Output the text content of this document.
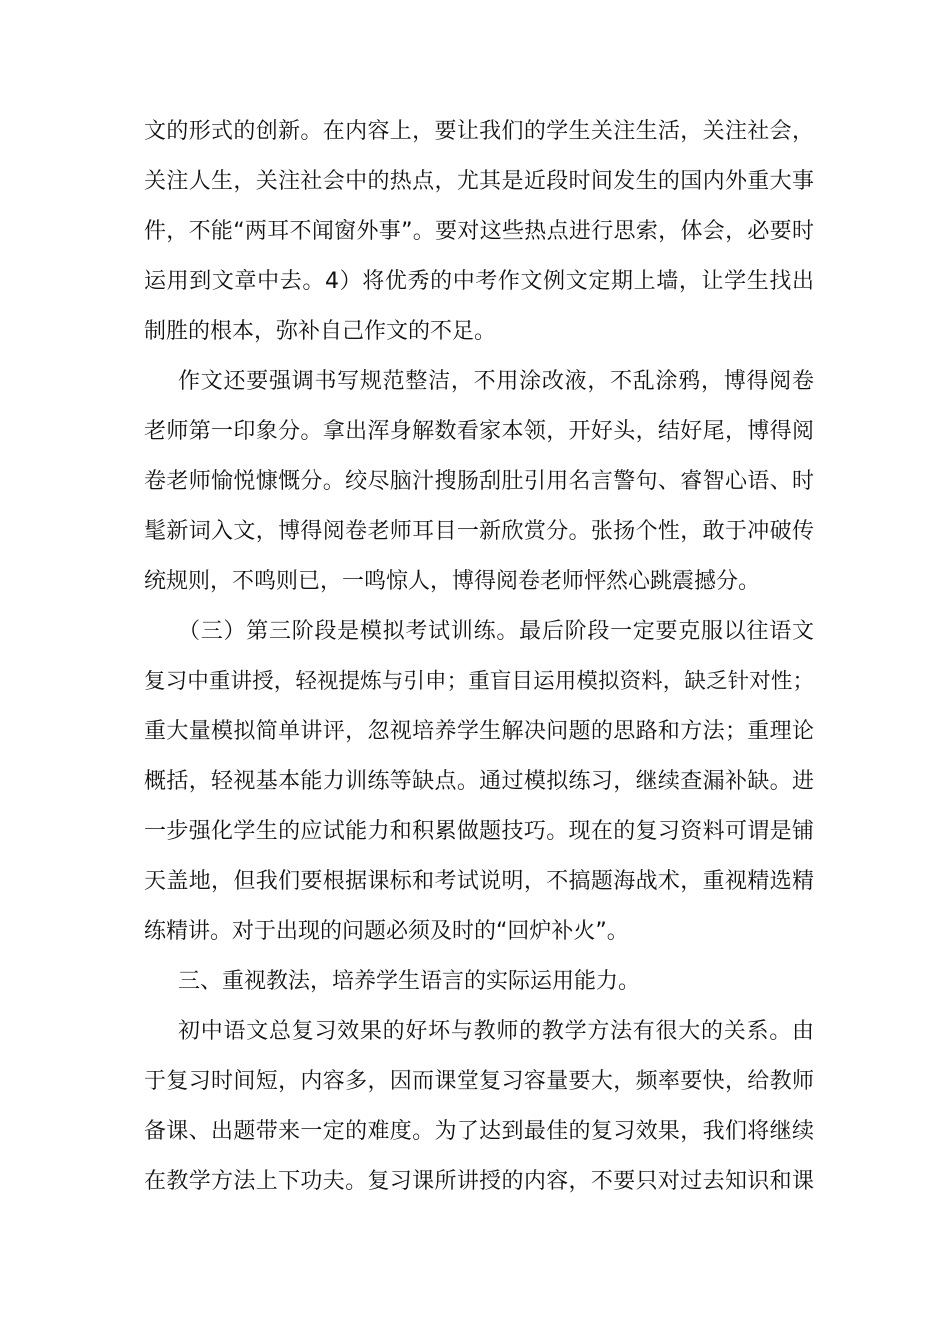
文的形式的创新。在内容上，要让我们的学生关注生活，关注社会，
关注人生，关注社会中的热点，尤其是近段时间发生的国内外重大事
件，不能“两耳不闻窗外事”。要对这些热点进行思索，体会，必要时
运用到文章中去。4）将优秀的中考作文例文定期上墙，让学生找出
制胜的根本，弥补自己作文的不足。
作文还要强调书写规范整洁，不用涂改液，不乱涂鸦，博得阅卷
老师第一印象分。拿出浑身解数看家本领，开好头，结好尾，博得阅
卷老师愉悦慷慨分。绞尽脑汁搜肠刮肚引用名言警句、睿智心语、时
髦新词入文，博得阅卷老师耳目一新欣赏分。张扬个性，敢于冲破传
统规则，不鸣则已，一鸣惊人，博得阅卷老师怦然心跳震撼分。
（三）第三阶段是模拟考试训练。最后阶段一定要克服以往语文
复习中重讲授，轻视提炼与引申；重盲目运用模拟资料，缺乏针对性；
重大量模拟简单讲评，忽视培养学生解决问题的思路和方法；重理论
概括，轻视基本能力训练等缺点。通过模拟练习，继续查漏补缺。进
一步强化学生的应试能力和积累做题技巧。现在的复习资料可谓是铺
天盖地，但我们要根据课标和考试说明，不搞题海战术，重视精选精
练精讲。对于出现的问题必须及时的“回炉补火”。
三、重视教法，培养学生语言的实际运用能力。
初中语文总复习效果的好坏与教师的教学方法有很大的关系。由
于复习时间短，内容多，因而课堂复习容量要大，频率要快，给教师
备课、出题带来一定的难度。为了达到最佳的复习效果，我们将继续
在教学方法上下功夫。复习课所讲授的内容，不要只对过去知识和课
